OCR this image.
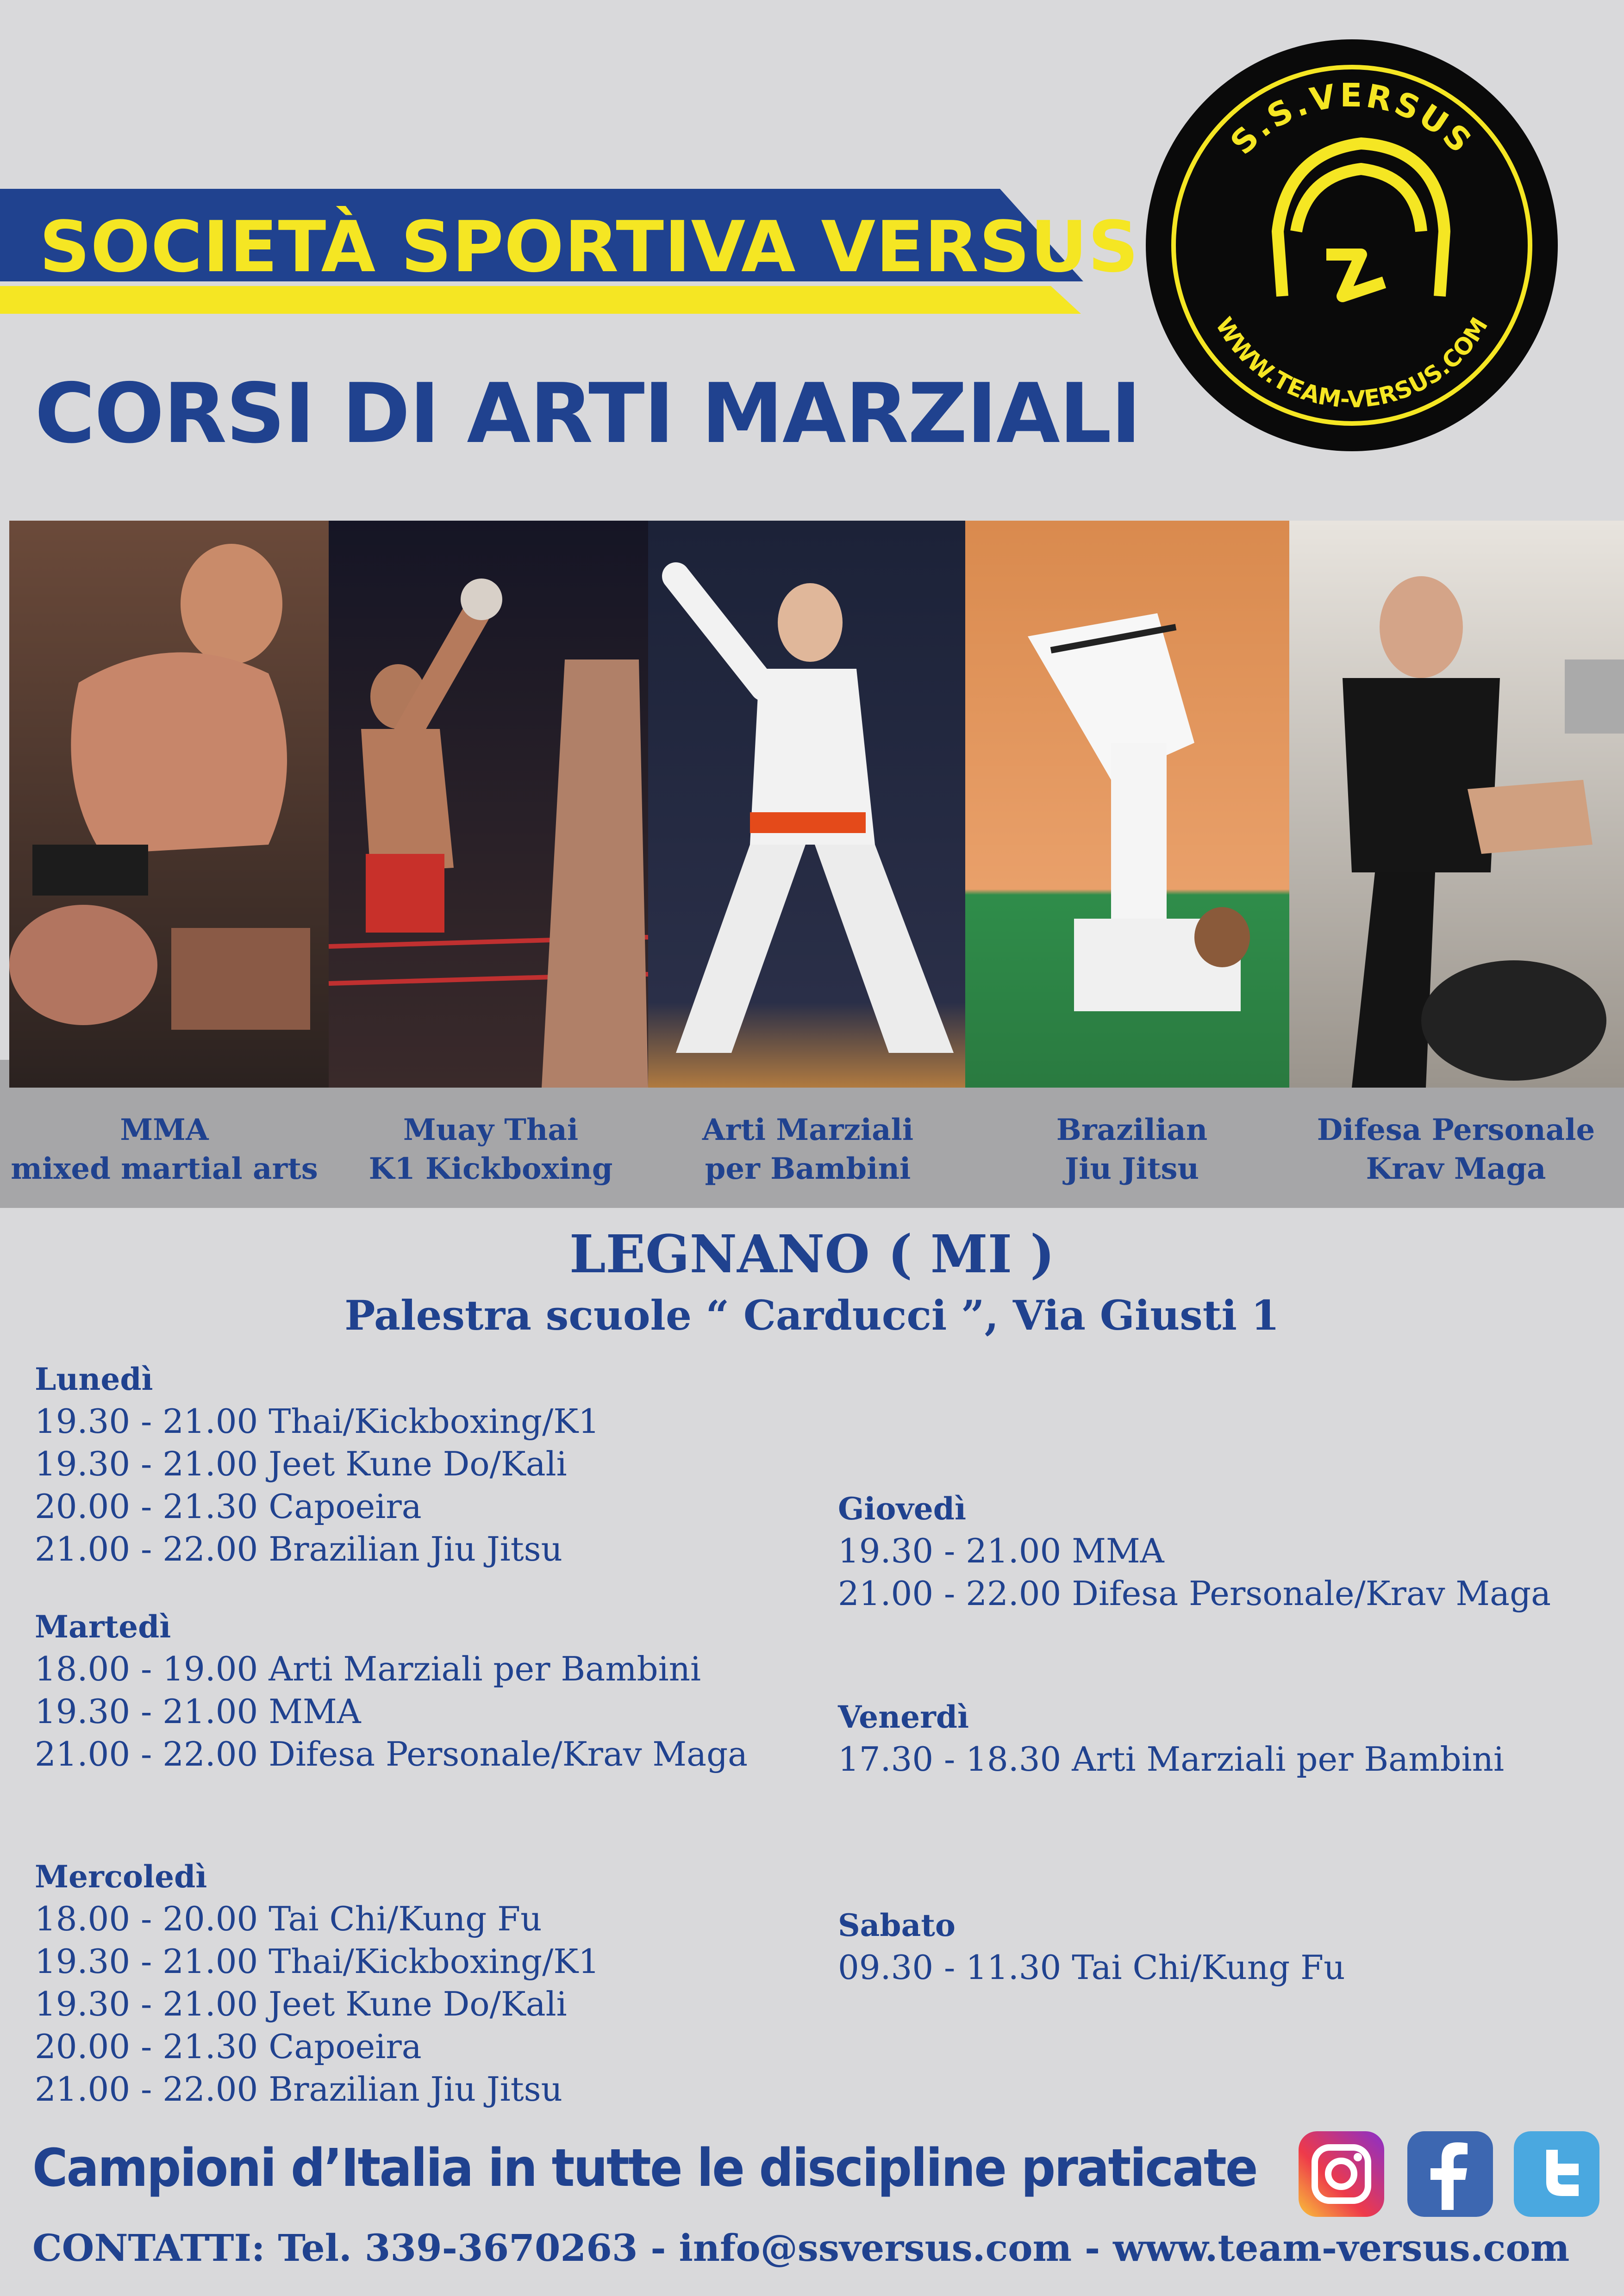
SOCIETÀ SPORTIVA VERSUS
CORSI DI ARTI MARZIALI
S.S.VERSUS
WWW.TEAM-VERSUS.COM
MMA
mixed martial arts
Muay Thai
K1 Kickboxing
Arti Marziali
per Bambini
Brazilian
Jiu Jitsu
Difesa Personale
Krav Maga
LEGNANO ( MI )
Palestra scuole “ Carducci ”, Via Giusti 1
Lunedì
19.30 - 21.00 Thai/Kickboxing/K1
19.30 - 21.00 Jeet Kune Do/Kali
20.00 - 21.30 Capoeira
21.00 - 22.00 Brazilian Jiu Jitsu
Martedì
18.00 - 19.00 Arti Marziali per Bambini
19.30 - 21.00 MMA
21.00 - 22.00 Difesa Personale/Krav Maga
Mercoledì
18.00 - 20.00 Tai Chi/Kung Fu
19.30 - 21.00 Thai/Kickboxing/K1
19.30 - 21.00 Jeet Kune Do/Kali
20.00 - 21.30 Capoeira
21.00 - 22.00 Brazilian Jiu Jitsu
Giovedì
19.30 - 21.00 MMA
21.00 - 22.00 Difesa Personale/Krav Maga
Venerdì
17.30 - 18.30 Arti Marziali per Bambini
Sabato
09.30 - 11.30 Tai Chi/Kung Fu
Campioni d’Italia in tutte le discipline praticate
CONTATTI: Tel. 339-3670263 - info@ssversus.com - www.team-versus.com
